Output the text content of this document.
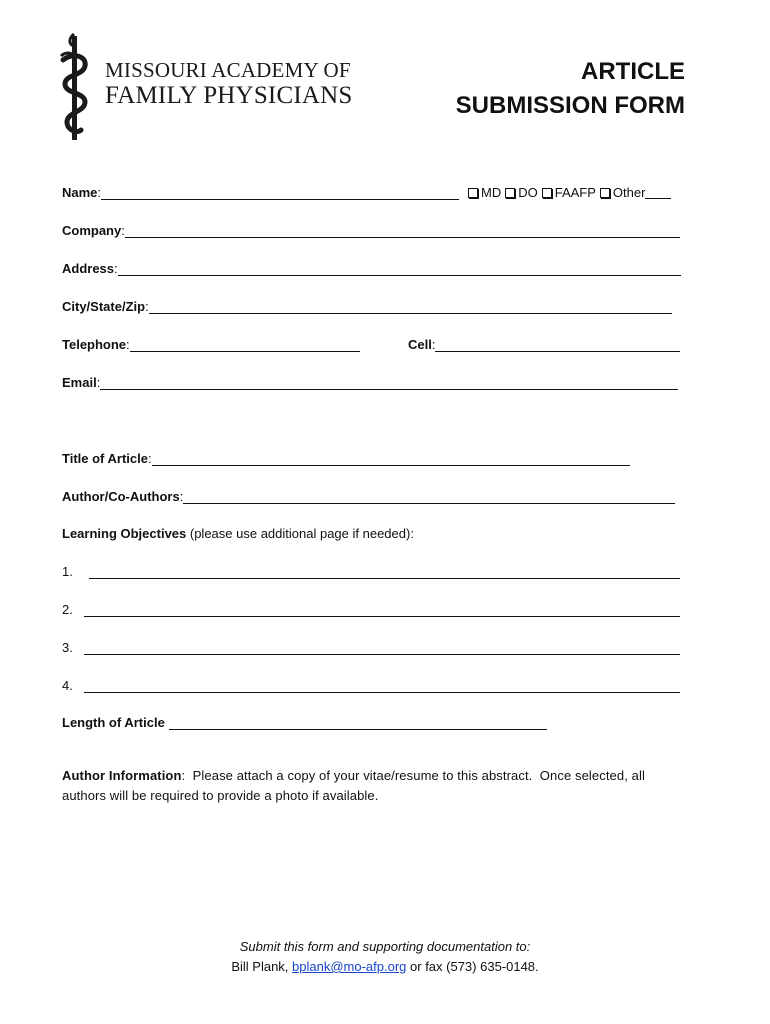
MISSOURI ACADEMY OF
FAMILY PHYSICIANS
ARTICLE
SUBMISSION FORM
Name :	MD DO FAAFP Other
Company :
Address :
City/State/Zip :
Telephone :	Cell :
Email :
Title of Article :
Author/Co-Authors :
Learning Objectives (please use additional page if needed):
1.
2.
3.
4.
Length of Article
Author Information:  Please attach a copy of your vitae/resume to this abstract.  Once selected, all authors will be required to provide a photo if available.
Submit this form and supporting documentation to:
Bill Plank, bplank@mo-afp.org or fax (573) 635-0148.
